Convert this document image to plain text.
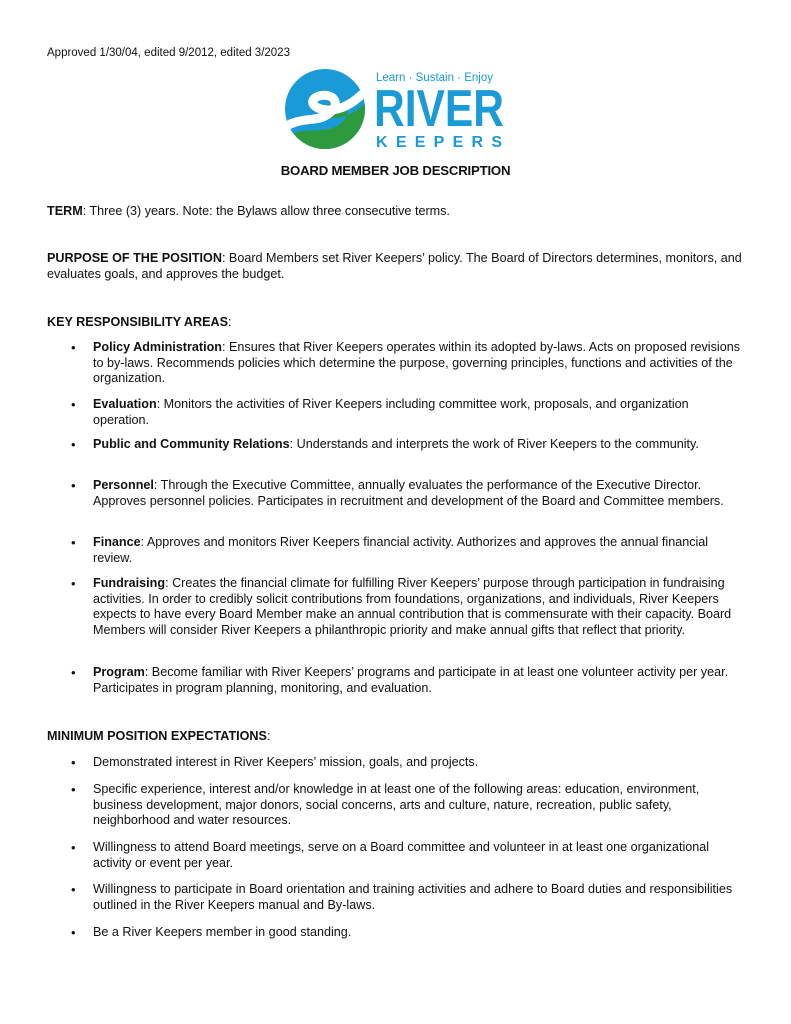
Approved 1/30/04, edited 9/2012, edited 3/2023
Learn · Sustain · Enjoy
RIVER
KEEPERS
BOARD MEMBER JOB DESCRIPTION
TERM: Three (3) years. Note: the Bylaws allow three consecutive terms.
PURPOSE OF THE POSITION: Board Members set River Keepers’ policy. The Board of Directors determines, monitors, and evaluates goals, and approves the budget.
KEY RESPONSIBILITY AREAS:
• Policy Administration: Ensures that River Keepers operates within its adopted by-laws. Acts on proposed revisions to by-laws. Recommends policies which determine the purpose, governing principles, functions and activities of the organization.
• Evaluation: Monitors the activities of River Keepers including committee work, proposals, and organization operation.
• Public and Community Relations: Understands and interprets the work of River Keepers to the community.
• Personnel: Through the Executive Committee, annually evaluates the performance of the Executive Director. Approves personnel policies. Participates in recruitment and development of the Board and Committee members.
• Finance: Approves and monitors River Keepers financial activity. Authorizes and approves the annual financial review.
• Fundraising: Creates the financial climate for fulfilling River Keepers’ purpose through participation in fundraising activities. In order to credibly solicit contributions from foundations, organizations, and individuals, River Keepers expects to have every Board Member make an annual contribution that is commensurate with their capacity. Board Members will consider River Keepers a philanthropic priority and make annual gifts that reflect that priority.
• Program: Become familiar with River Keepers’ programs and participate in at least one volunteer activity per year. Participates in program planning, monitoring, and evaluation.
MINIMUM POSITION EXPECTATIONS:
• Demonstrated interest in River Keepers’ mission, goals, and projects.
• Specific experience, interest and/or knowledge in at least one of the following areas: education, environment, business development, major donors, social concerns, arts and culture, nature, recreation, public safety, neighborhood and water resources.
• Willingness to attend Board meetings, serve on a Board committee and volunteer in at least one organizational activity or event per year.
• Willingness to participate in Board orientation and training activities and adhere to Board duties and responsibilities outlined in the River Keepers manual and By-laws.
• Be a River Keepers member in good standing.
